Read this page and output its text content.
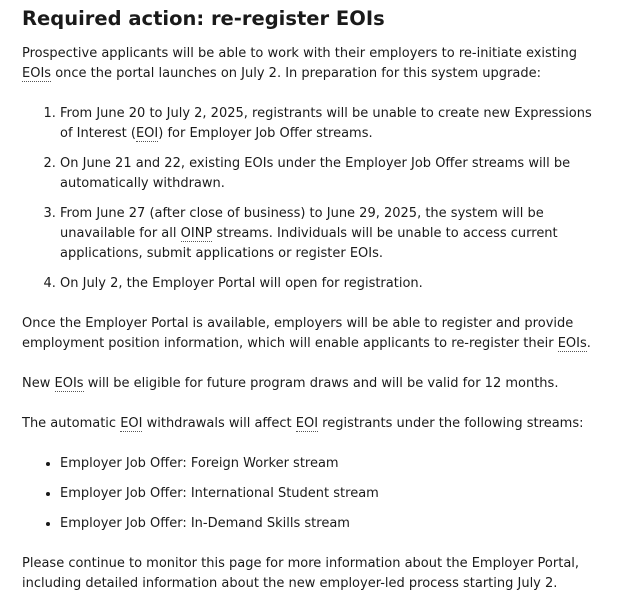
Required action: re-register EOIs

Prospective applicants will be able to work with their employers to re-initiate existing EOIs once the portal launches on July 2. In preparation for this system upgrade:

1. From June 20 to July 2, 2025, registrants will be unable to create new Expressions of Interest (EOI) for Employer Job Offer streams.
2. On June 21 and 22, existing EOIs under the Employer Job Offer streams will be automatically withdrawn.
3. From June 27 (after close of business) to June 29, 2025, the system will be unavailable for all OINP streams. Individuals will be unable to access current applications, submit applications or register EOIs.
4. On July 2, the Employer Portal will open for registration.

Once the Employer Portal is available, employers will be able to register and provide employment position information, which will enable applicants to re-register their EOIs.

New EOIs will be eligible for future program draws and will be valid for 12 months.

The automatic EOI withdrawals will affect EOI registrants under the following streams:

• Employer Job Offer: Foreign Worker stream
• Employer Job Offer: International Student stream
• Employer Job Offer: In-Demand Skills stream

Please continue to monitor this page for more information about the Employer Portal, including detailed information about the new employer-led process starting July 2.
